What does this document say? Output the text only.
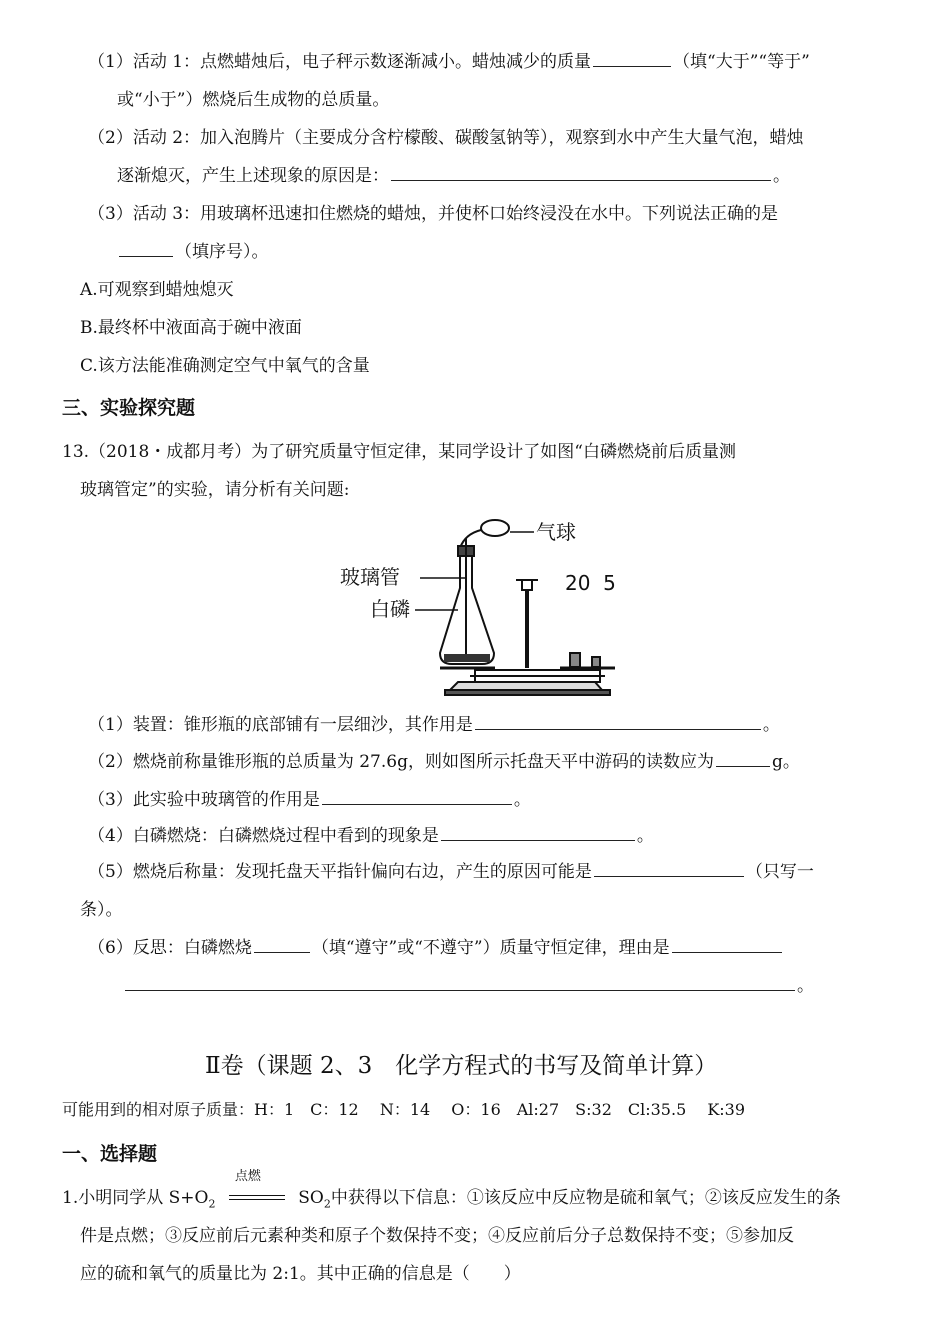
（1）活动 1：点燃蜡烛后，电子秤示数逐渐减小。蜡烛减少的质量	（填“大于”“等于”
或“小于”）燃烧后生成物的总质量。
（2）活动 2：加入泡腾片（主要成分含柠檬酸、碳酸氢钠等），观察到水中产生大量气泡，蜡烛
逐渐熄灭，产生上述现象的原因是：	。
（3）活动 3：用玻璃杯迅速扣住燃烧的蜡烛，并使杯口始终浸没在水中。下列说法正确的是
（填序号）。
A.可观察到蜡烛熄灭
B.最终杯中液面高于碗中液面
C.该方法能准确测定空气中氧气的含量
三、实验探究题
13.（2018・成都月考）为了研究质量守恒定律，某同学设计了如图“白磷燃烧前后质量测
玻璃管定”的实验，请分析有关问题:
气球
玻璃管
白磷
20  5
（1）装置：锥形瓶的底部铺有一层细沙，其作用是	。
（2）燃烧前称量锥形瓶的总质量为 27.6g，则如图所示托盘天平中游码的读数应为	g。
（3）此实验中玻璃管的作用是	。
（4）白磷燃烧：白磷燃烧过程中看到的现象是	。
（5）燃烧后称量：发现托盘天平指针偏向右边，产生的原因可能是	（只写一
条）。
（6）反思：白磷燃烧	（填“遵守”或“不遵守”）质量守恒定律，理由是
。
Ⅱ卷（课题 2、3　化学方程式的书写及简单计算）
可能用到的相对原子质量：H：1　C：12　 N：14　 O：16　Al:27　S:32　Cl:35.5　 K:39
一、选择题
1.小明同学从 $S+O_2$
点燃
$SO_2$中获得以下信息：①该反应中反应物是硫和氧气；②该反应发生的条
件是点燃；③反应前后元素种类和原子个数保持不变；④反应前后分子总数保持不变；⑤参加反
应的硫和氧气的质量比为 2:1。其中正确的信息是（　　）
